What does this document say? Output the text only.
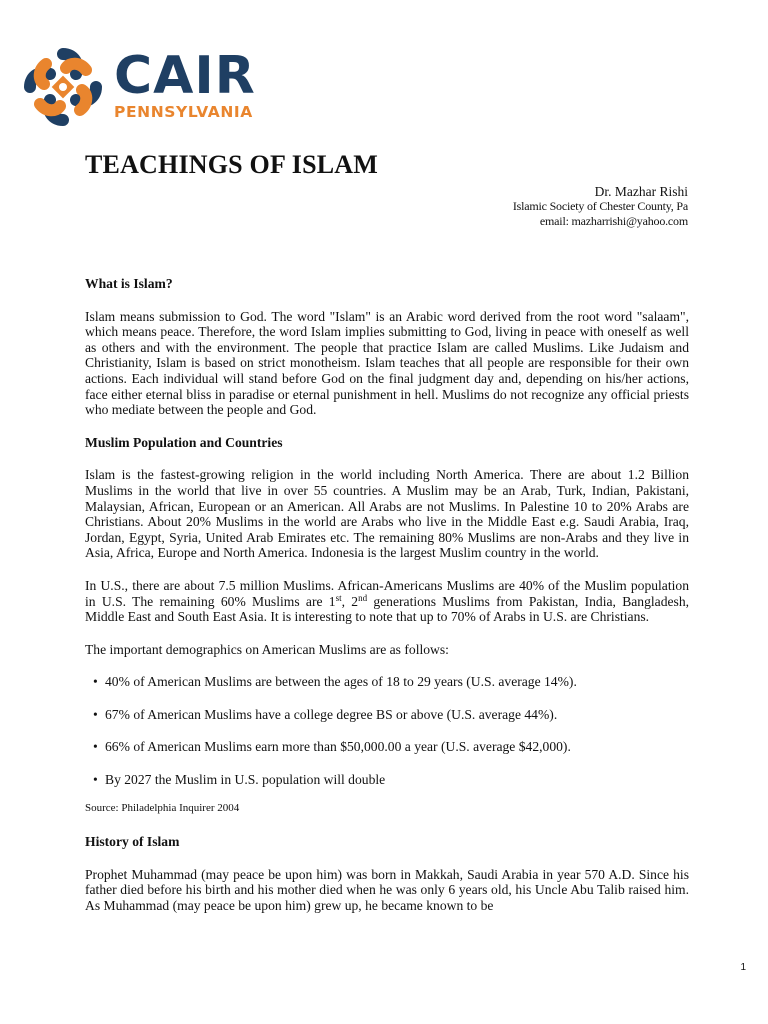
CAIR
PENNSYLVANIA
TEACHINGS OF ISLAM
Dr. Mazhar Rishi
Islamic Society of Chester County, Pa
email: mazharrishi@yahoo.com
What is Islam?

Islam means submission to God. The word "Islam" is an Arabic word derived from the root word "salaam", which means peace. Therefore, the word Islam implies submitting to God, living in peace with oneself as well as others and with the environment. The people that practice Islam are called Muslims. Like Judaism and Christianity, Islam is based on strict monotheism. Islam teaches that all people are responsible for their own actions. Each individual will stand before God on the final judgment day and, depending on his/her actions, face either eternal bliss in paradise or eternal punishment in hell. Muslims do not recognize any official priests who mediate between the people and God.

Muslim Population and Countries

Islam is the fastest-growing religion in the world including North America. There are about 1.2 Billion Muslims in the world that live in over 55 countries. A Muslim may be an Arab, Turk, Indian, Pakistani, Malaysian, African, European or an American. All Arabs are not Muslims. In Palestine 10 to 20% Arabs are Christians. About 20% Muslims in the world are Arabs who live in the Middle East e.g. Saudi Arabia, Iraq, Jordan, Egypt, Syria, United Arab Emirates etc. The remaining 80% Muslims are non-Arabs and they live in Asia, Africa, Europe and North America. Indonesia is the largest Muslim country in the world.

In U.S., there are about 7.5 million Muslims. African-Americans Muslims are 40% of the Muslim population in U.S. The remaining 60% Muslims are 1st, 2nd generations Muslims from Pakistan, India, Bangladesh, Middle East and South East Asia. It is interesting to note that up to 70% of Arabs in U.S. are Christians.

The important demographics on American Muslims are as follows:

• 40% of American Muslims are between the ages of 18 to 29 years (U.S. average 14%).
• 67% of American Muslims have a college degree BS or above (U.S. average 44%).
• 66% of American Muslims earn more than $50,000.00 a year (U.S. average $42,000).
• By 2027 the Muslim in U.S. population will double
Source: Philadelphia Inquirer 2004
History of Islam

Prophet Muhammad (may peace be upon him) was born in Makkah, Saudi Arabia in year 570 A.D. Since his father died before his birth and his mother died when he was only 6 years old, his Uncle Abu Talib raised him. As Muhammad (may peace be upon him) grew up, he became known to be

1
